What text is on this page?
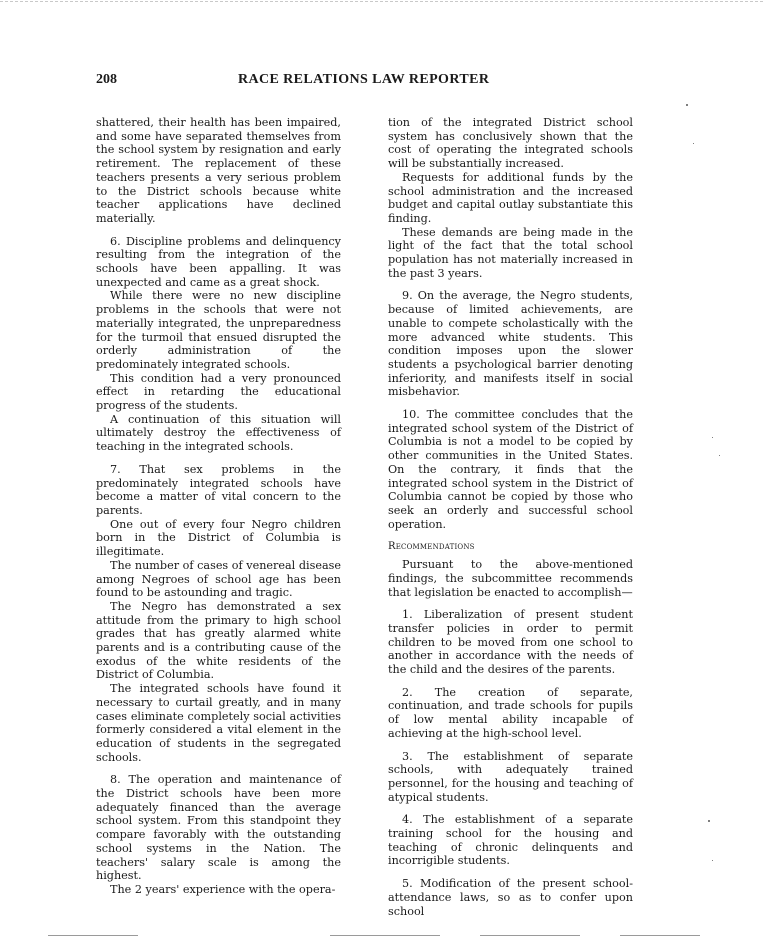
208	RACE RELATIONS LAW REPORTER

shattered, their health has been impaired, and some have separated themselves from the school system by resignation and early retirement. The replacement of these teachers presents a very serious problem to the District schools because white teacher applications have declined materially.

6. Discipline problems and delinquency resulting from the integration of the schools have been appalling. It was unexpected and came as a great shock.

While there were no new discipline problems in the schools that were not materially integrated, the unpreparedness for the turmoil that ensued disrupted the orderly administration of the predominately integrated schools.

This condition had a very pronounced effect in retarding the educational progress of the students.

A continuation of this situation will ultimately destroy the effectiveness of teaching in the integrated schools.

7. That sex problems in the predominately integrated schools have become a matter of vital concern to the parents.

One out of every four Negro children born in the District of Columbia is illegitimate.

The number of cases of venereal disease among Negroes of school age has been found to be astounding and tragic.

The Negro has demonstrated a sex attitude from the primary to high school grades that has greatly alarmed white parents and is a contributing cause of the exodus of the white residents of the District of Columbia.

The integrated schools have found it necessary to curtail greatly, and in many cases eliminate completely social activities formerly considered a vital element in the education of students in the segregated schools.

8. The operation and maintenance of the District schools have been more adequately financed than the average school system. From this standpoint they compare favorably with the outstanding school systems in the Nation. The teachers' salary scale is among the highest.

The 2 years' experience with the opera-

tion of the integrated District school system has conclusively shown that the cost of operating the integrated schools will be substantially increased.

Requests for additional funds by the school administration and the increased budget and capital outlay substantiate this finding.

These demands are being made in the light of the fact that the total school population has not materially increased in the past 3 years.

9. On the average, the Negro students, because of limited achievements, are unable to compete scholastically with the more advanced white students. This condition imposes upon the slower students a psychological barrier denoting inferiority, and manifests itself in social misbehavior.

10. The committee concludes that the integrated school system of the District of Columbia is not a model to be copied by other communities in the United States. On the contrary, it finds that the integrated school system in the District of Columbia cannot be copied by those who seek an orderly and successful school operation.

Recommendations

Pursuant to the above-mentioned findings, the subcommittee recommends that legislation be enacted to accomplish—

1. Liberalization of present student transfer policies in order to permit children to be moved from one school to another in accordance with the needs of the child and the desires of the parents.

2. The creation of separate, continuation, and trade schools for pupils of low mental ability incapable of achieving at the high-school level.

3. The establishment of separate schools, with adequately trained personnel, for the housing and teaching of atypical students.

4. The establishment of a separate training school for the housing and teaching of chronic delinquents and incorrigible students.

5. Modification of the present school-attendance laws, so as to confer upon school
